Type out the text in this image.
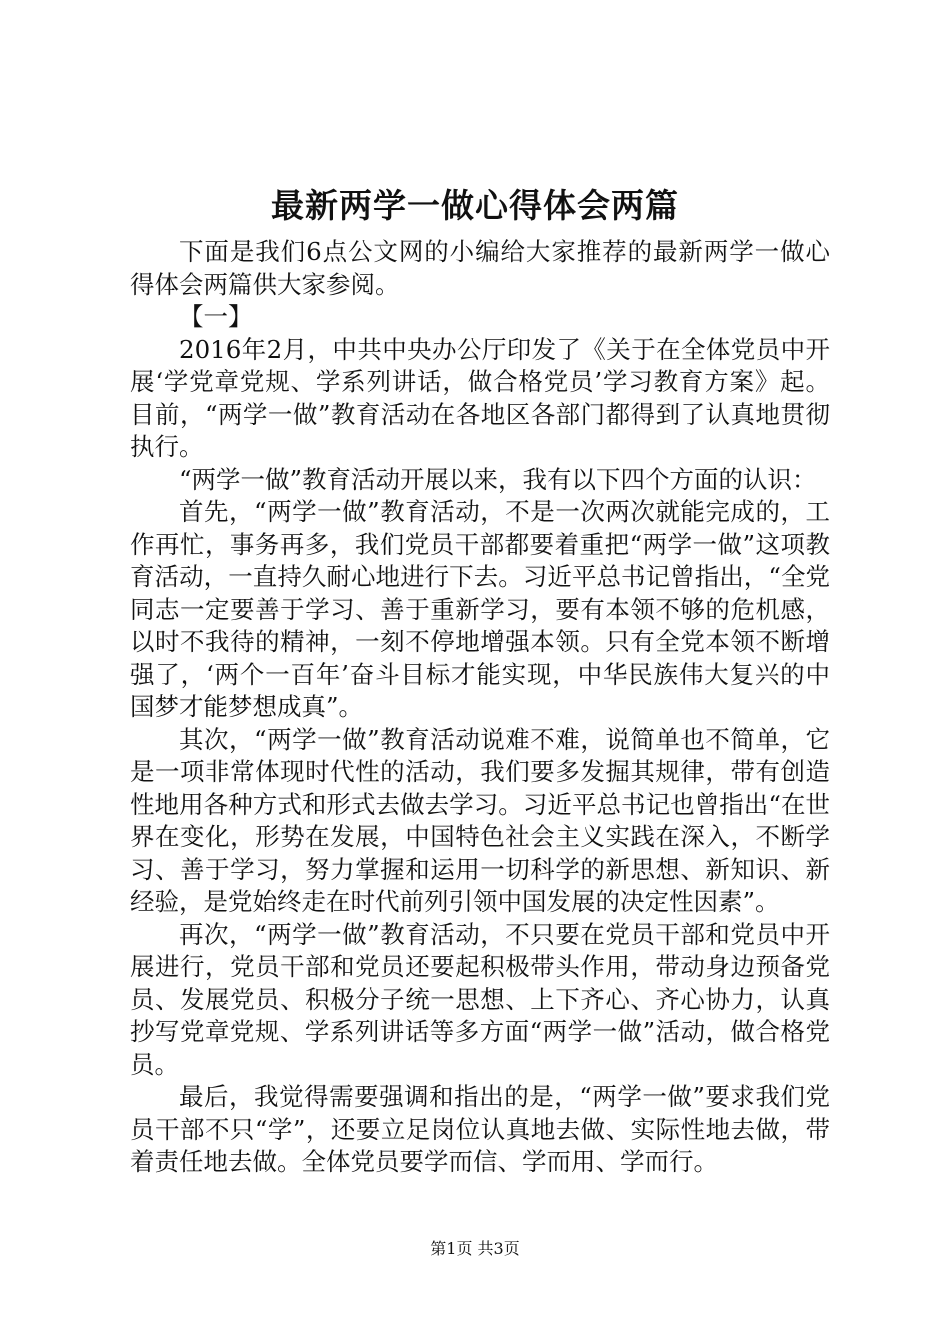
最新两学一做心得体会两篇

下面是我们6点公文网的小编给大家推荐的最新两学一做心得体会两篇供大家参阅。

【一】

2016年2月，中共中央办公厅印发了《关于在全体党员中开展‘学党章党规、学系列讲话，做合格党员’学习教育方案》起。目前，“两学一做”教育活动在各地区各部门都得到了认真地贯彻执行。

“两学一做”教育活动开展以来，我有以下四个方面的认识：

首先，“两学一做”教育活动，不是一次两次就能完成的，工作再忙，事务再多，我们党员干部都要着重把“两学一做”这项教育活动，一直持久耐心地进行下去。习近平总书记曾指出，“全党同志一定要善于学习、善于重新学习，要有本领不够的危机感，以时不我待的精神，一刻不停地增强本领。只有全党本领不断增强了，‘两个一百年’奋斗目标才能实现，中华民族伟大复兴的中国梦才能梦想成真”。

其次，“两学一做”教育活动说难不难，说简单也不简单，它是一项非常体现时代性的活动，我们要多发掘其规律，带有创造性地用各种方式和形式去做去学习。习近平总书记也曾指出“在世界在变化，形势在发展，中国特色社会主义实践在深入，不断学习、善于学习，努力掌握和运用一切科学的新思想、新知识、新经验，是党始终走在时代前列引领中国发展的决定性因素”。

再次，“两学一做”教育活动，不只要在党员干部和党员中开展进行，党员干部和党员还要起积极带头作用，带动身边预备党员、发展党员、积极分子统一思想、上下齐心、齐心协力，认真抄写党章党规、学系列讲话等多方面“两学一做”活动，做合格党员。

最后，我觉得需要强调和指出的是，“两学一做”要求我们党员干部不只“学”，还要立足岗位认真地去做、实际性地去做，带着责任地去做。全体党员要学而信、学而用、学而行。

第1页 共3页
